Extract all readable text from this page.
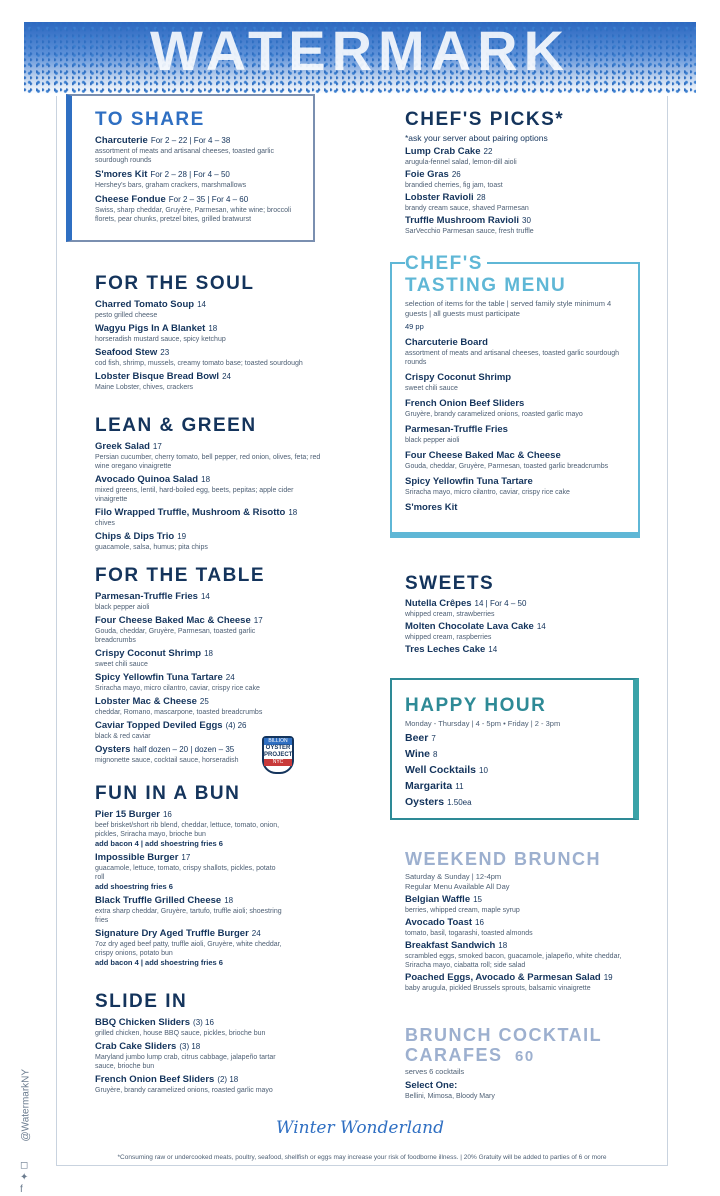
WATERMARK
@WatermarkNY
◻
✦
f
TO SHARE
Charcuterie For 2 – 22 | For 4 – 38
assortment of meats and artisanal cheeses, toasted garlic sourdough rounds
S'mores Kit For 2 – 28 | For 4 – 50
Hershey's bars, graham crackers, marshmallows
Cheese Fondue For 2 – 35 | For 4 – 60
Swiss, sharp cheddar, Gruyère, Parmesan, white wine; broccoli florets, pear chunks, pretzel bites, grilled bratwurst
FOR THE SOUL
Charred Tomato Soup 14
pesto grilled cheese
Wagyu Pigs In A Blanket 18
horseradish mustard sauce, spicy ketchup
Seafood Stew 23
cod fish, shrimp, mussels, creamy tomato base; toasted sourdough
Lobster Bisque Bread Bowl 24
Maine Lobster, chives, crackers
LEAN & GREEN
Greek Salad 17
Persian cucumber, cherry tomato, bell pepper, red onion, olives, feta; red wine oregano vinaigrette
Avocado Quinoa Salad 18
mixed greens, lentil, hard-boiled egg, beets, pepitas; apple cider vinaigrette
Filo Wrapped Truffle, Mushroom & Risotto 18
chives
Chips & Dips Trio 19
guacamole, salsa, humus; pita chips
FOR THE TABLE
Parmesan-Truffle Fries 14
black pepper aioli
Four Cheese Baked Mac & Cheese 17
Gouda, cheddar, Gruyère, Parmesan, toasted garlic breadcrumbs
Crispy Coconut Shrimp 18
sweet chili sauce
Spicy Yellowfin Tuna Tartare 24
Sriracha mayo, micro cilantro, caviar, crispy rice cake
Lobster Mac & Cheese 25
cheddar, Romano, mascarpone, toasted breadcrumbs
Caviar Topped Deviled Eggs (4) 26
black & red caviar
Oysters half dozen – 20 | dozen – 35
mignonette sauce, cocktail sauce, horseradish
BILLION
OYSTER
PROJECT
NYC
FUN IN A BUN
Pier 15 Burger 16
beef brisket/short rib blend, cheddar, lettuce, tomato, onion, pickles, Sriracha mayo, brioche bun
add bacon 4 | add shoestring fries 6
Impossible Burger 17
guacamole, lettuce, tomato, crispy shallots, pickles, potato roll
add shoestring fries 6
Black Truffle Grilled Cheese 18
extra sharp cheddar, Gruyère, tartufo, truffle aioli; shoestring fries
Signature Dry Aged Truffle Burger 24
7oz dry aged beef patty, truffle aioli, Gruyère, white cheddar, crispy onions, potato bun
add bacon 4 | add shoestring fries 6
SLIDE IN
BBQ Chicken Sliders (3) 16
grilled chicken, house BBQ sauce, pickles, brioche bun
Crab Cake Sliders (3) 18
Maryland jumbo lump crab, citrus cabbage, jalapeño tartar sauce, brioche bun
French Onion Beef Sliders (2) 18
Gruyère, brandy caramelized onions, roasted garlic mayo
CHEF'S PICKS*
*ask your server about pairing options
Lump Crab Cake 22
arugula-fennel salad, lemon-dill aioli
Foie Gras 26
brandied cherries, fig jam, toast
Lobster Ravioli 28
brandy cream sauce, shaved Parmesan
Truffle Mushroom Ravioli 30
SarVecchio Parmesan sauce, fresh truffle
CHEF'S
TASTING MENU
selection of items for the table | served family style minimum 4 guests | all guests must participate
49 pp
Charcuterie Board
assortment of meats and artisanal cheeses, toasted garlic sourdough rounds
Crispy Coconut Shrimp
sweet chili sauce
French Onion Beef Sliders
Gruyère, brandy caramelized onions, roasted garlic mayo
Parmesan-Truffle Fries
black pepper aioli
Four Cheese Baked Mac & Cheese
Gouda, cheddar, Gruyère, Parmesan, toasted garlic breadcrumbs
Spicy Yellowfin Tuna Tartare
Sriracha mayo, micro cilantro, caviar, crispy rice cake
S'mores Kit
SWEETS
Nutella Crêpes 14 | For 4 – 50
whipped cream, strawberries
Molten Chocolate Lava Cake 14
whipped cream, raspberries
Tres Leches Cake 14
HAPPY HOUR
Monday - Thursday | 4 - 5pm • Friday | 2 - 3pm
Beer 7
Wine 8
Well Cocktails 10
Margarita 11
Oysters 1.50ea
WEEKEND BRUNCH
Saturday & Sunday | 12-4pm
Regular Menu Available All Day
Belgian Waffle 15
berries, whipped cream, maple syrup
Avocado Toast 16
tomato, basil, togarashi, toasted almonds
Breakfast Sandwich 18
scrambled eggs, smoked bacon, guacamole, jalapeño, white cheddar, Sriracha mayo, ciabatta roll; side salad
Poached Eggs, Avocado & Parmesan Salad 19
baby arugula, pickled Brussels sprouts, balsamic vinaigrette
BRUNCH COCKTAIL
CARAFES 60
serves 6 cocktails
Select One:
Bellini, Mimosa, Bloody Mary
Winter Wonderland
*Consuming raw or undercooked meats, poultry, seafood, shellfish or eggs may increase your risk of foodborne illness. | 20% Gratuity will be added to parties of 6 or more
